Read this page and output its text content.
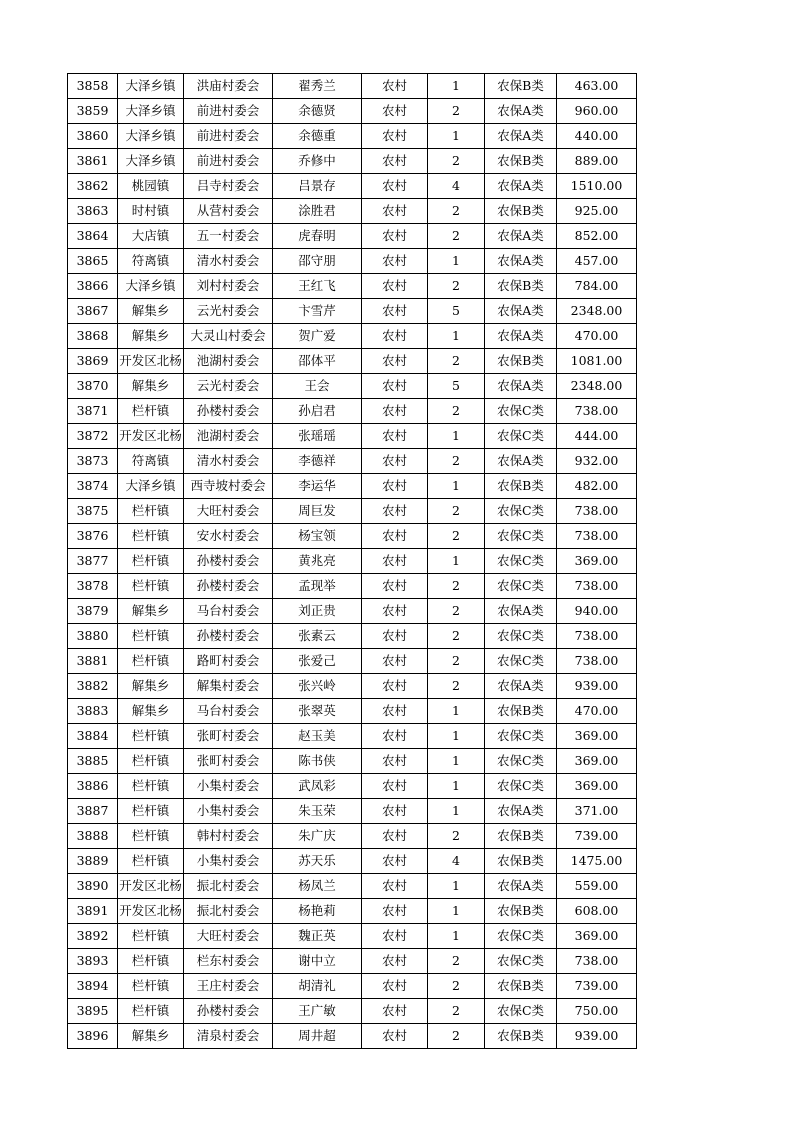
3858	大泽乡镇	洪庙村委会	翟秀兰	农村	1	农保B类	463.00
3859	大泽乡镇	前进村委会	余德贤	农村	2	农保A类	960.00
3860	大泽乡镇	前进村委会	余德重	农村	1	农保A类	440.00
3861	大泽乡镇	前进村委会	乔修中	农村	2	农保B类	889.00
3862	桃园镇	吕寺村委会	吕景存	农村	4	农保A类	1510.00
3863	时村镇	从营村委会	涂胜君	农村	2	农保B类	925.00
3864	大店镇	五一村委会	虎春明	农村	2	农保A类	852.00
3865	符离镇	清水村委会	邵守朋	农村	1	农保A类	457.00
3866	大泽乡镇	刘村村委会	王红飞	农村	2	农保B类	784.00
3867	解集乡	云光村委会	卞雪芹	农村	5	农保A类	2348.00
3868	解集乡	大灵山村委会	贺广爱	农村	1	农保A类	470.00
3869	开发区北杨	池湖村委会	邵体平	农村	2	农保B类	1081.00
3870	解集乡	云光村委会	王会	农村	5	农保A类	2348.00
3871	栏杆镇	孙楼村委会	孙启君	农村	2	农保C类	738.00
3872	开发区北杨	池湖村委会	张瑶瑶	农村	1	农保C类	444.00
3873	符离镇	清水村委会	李德祥	农村	2	农保A类	932.00
3874	大泽乡镇	西寺坡村委会	李运华	农村	1	农保B类	482.00
3875	栏杆镇	大旺村委会	周巨发	农村	2	农保C类	738.00
3876	栏杆镇	安水村委会	杨宝领	农村	2	农保C类	738.00
3877	栏杆镇	孙楼村委会	黄兆亮	农村	1	农保C类	369.00
3878	栏杆镇	孙楼村委会	孟现举	农村	2	农保C类	738.00
3879	解集乡	马台村委会	刘正贵	农村	2	农保A类	940.00
3880	栏杆镇	孙楼村委会	张素云	农村	2	农保C类	738.00
3881	栏杆镇	路町村委会	张爱己	农村	2	农保C类	738.00
3882	解集乡	解集村委会	张兴岭	农村	2	农保A类	939.00
3883	解集乡	马台村委会	张翠英	农村	1	农保B类	470.00
3884	栏杆镇	张町村委会	赵玉美	农村	1	农保C类	369.00
3885	栏杆镇	张町村委会	陈书侠	农村	1	农保C类	369.00
3886	栏杆镇	小集村委会	武凤彩	农村	1	农保C类	369.00
3887	栏杆镇	小集村委会	朱玉荣	农村	1	农保A类	371.00
3888	栏杆镇	韩村村委会	朱广庆	农村	2	农保B类	739.00
3889	栏杆镇	小集村委会	苏天乐	农村	4	农保B类	1475.00
3890	开发区北杨	振北村委会	杨凤兰	农村	1	农保A类	559.00
3891	开发区北杨	振北村委会	杨艳莉	农村	1	农保B类	608.00
3892	栏杆镇	大旺村委会	魏正英	农村	1	农保C类	369.00
3893	栏杆镇	栏东村委会	谢中立	农村	2	农保C类	738.00
3894	栏杆镇	王庄村委会	胡清礼	农村	2	农保B类	739.00
3895	栏杆镇	孙楼村委会	王广敏	农村	2	农保C类	750.00
3896	解集乡	清泉村委会	周井超	农村	2	农保B类	939.00
